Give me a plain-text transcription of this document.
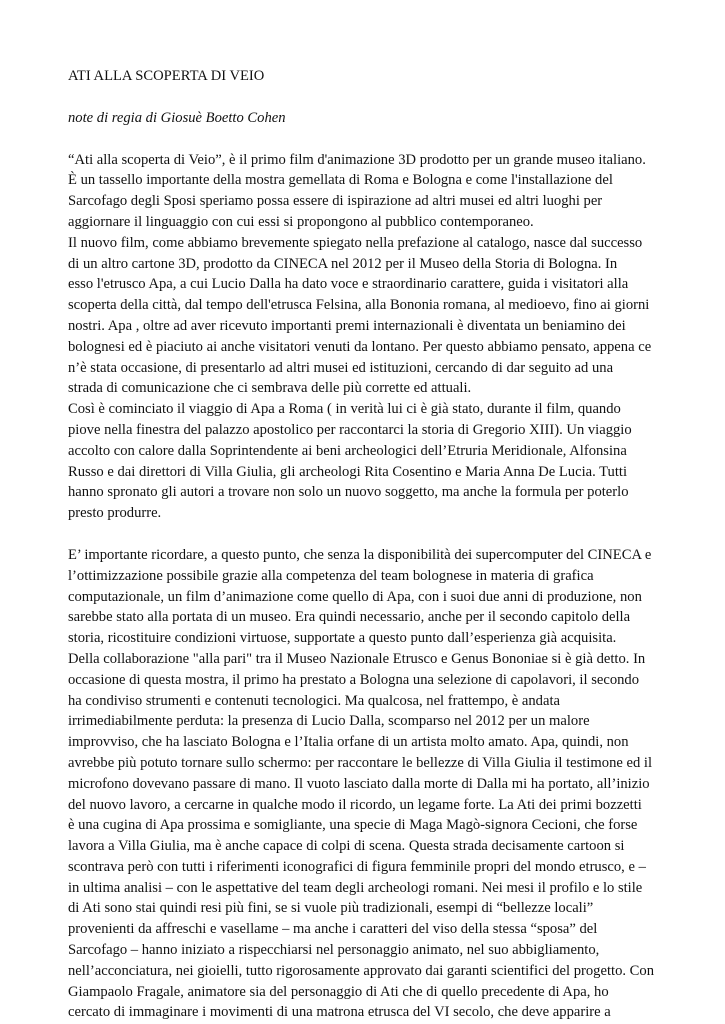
ATI ALLA SCOPERTA DI VEIO
note di regia di Giosuè Boetto Cohen
“Ati alla scoperta di Veio”, è il primo film d'animazione 3D prodotto per un grande museo italiano.
È un tassello importante della mostra gemellata di Roma e Bologna e come l'installazione del
Sarcofago degli Sposi speriamo possa essere di ispirazione ad altri musei ed altri luoghi per
aggiornare il linguaggio con cui essi si propongono al pubblico contemporaneo.
Il nuovo film, come abbiamo brevemente spiegato nella prefazione al catalogo, nasce dal successo
di un altro cartone 3D, prodotto da CINECA nel 2012 per il Museo della Storia di Bologna. In
esso l'etrusco Apa, a cui Lucio Dalla ha dato voce e straordinario carattere, guida i visitatori alla
scoperta della città, dal tempo dell'etrusca Felsina, alla Bononia romana, al medioevo, fino ai giorni
nostri. Apa , oltre ad aver ricevuto importanti premi internazionali è diventata un beniamino dei
bolognesi ed è piaciuto ai anche visitatori venuti da lontano. Per questo abbiamo pensato, appena ce
n’è stata occasione, di presentarlo ad altri musei ed istituzioni, cercando di dar seguito ad una
strada di comunicazione che ci sembrava delle più corrette ed attuali.
Così è cominciato il viaggio di Apa a Roma ( in verità lui ci è già stato, durante il film, quando
piove nella finestra del palazzo apostolico per raccontarci la storia di Gregorio XIII). Un viaggio
accolto con calore dalla Soprintendente ai beni archeologici dell’Etruria Meridionale, Alfonsina
Russo e dai direttori di Villa Giulia, gli archeologi Rita Cosentino e Maria Anna De Lucia. Tutti
hanno spronato gli autori a trovare non solo un nuovo soggetto, ma anche la formula per poterlo
presto produrre.
E’ importante ricordare, a questo punto, che senza la disponibilità dei supercomputer del CINECA e
l’ottimizzazione possibile grazie alla competenza del team bolognese in materia di grafica
computazionale, un film d’animazione come quello di Apa, con i suoi due anni di produzione, non
sarebbe stato alla portata di un museo. Era quindi necessario, anche per il secondo capitolo della
storia, ricostituire condizioni virtuose, supportate a questo punto dall’esperienza già acquisita.
Della collaborazione "alla pari" tra il Museo Nazionale Etrusco e Genus Bononiae si è già detto. In
occasione di questa mostra, il primo ha prestato a Bologna una selezione di capolavori, il secondo
ha condiviso strumenti e contenuti tecnologici. Ma qualcosa, nel frattempo, è andata
irrimediabilmente perduta: la presenza di Lucio Dalla, scomparso nel 2012 per un malore
improvviso, che ha lasciato Bologna e l’Italia orfane di un artista molto amato. Apa, quindi, non
avrebbe più potuto tornare sullo schermo: per raccontare le bellezze di Villa Giulia il testimone ed il
microfono dovevano passare di mano. Il vuoto lasciato dalla morte di Dalla mi ha portato, all’inizio
del nuovo lavoro, a cercarne in qualche modo il ricordo, un legame forte. La Ati dei primi bozzetti
è una cugina di Apa prossima e somigliante, una specie di Maga Magò-signora Cecioni, che forse
lavora a Villa Giulia, ma è anche capace di colpi di scena. Questa strada decisamente cartoon si
scontrava però con tutti i riferimenti iconografici di figura femminile propri del mondo etrusco, e –
in ultima analisi – con le aspettative del team degli archeologi romani. Nei mesi il profilo e lo stile
di Ati sono stai quindi resi più fini, se si vuole più tradizionali, esempi di “bellezze locali”
provenienti da affreschi e vasellame – ma anche i caratteri del viso della stessa “sposa” del
Sarcofago – hanno iniziato a rispecchiarsi nel personaggio animato, nel suo abbigliamento,
nell’acconciatura, nei gioielli, tutto rigorosamente approvato dai garanti scientifici del progetto. Con
Giampaolo Fragale, animatore sia del personaggio di Ati che di quello precedente di Apa, ho
cercato di immaginare i movimenti di una matrona etrusca del VI secolo, che deve apparire a
